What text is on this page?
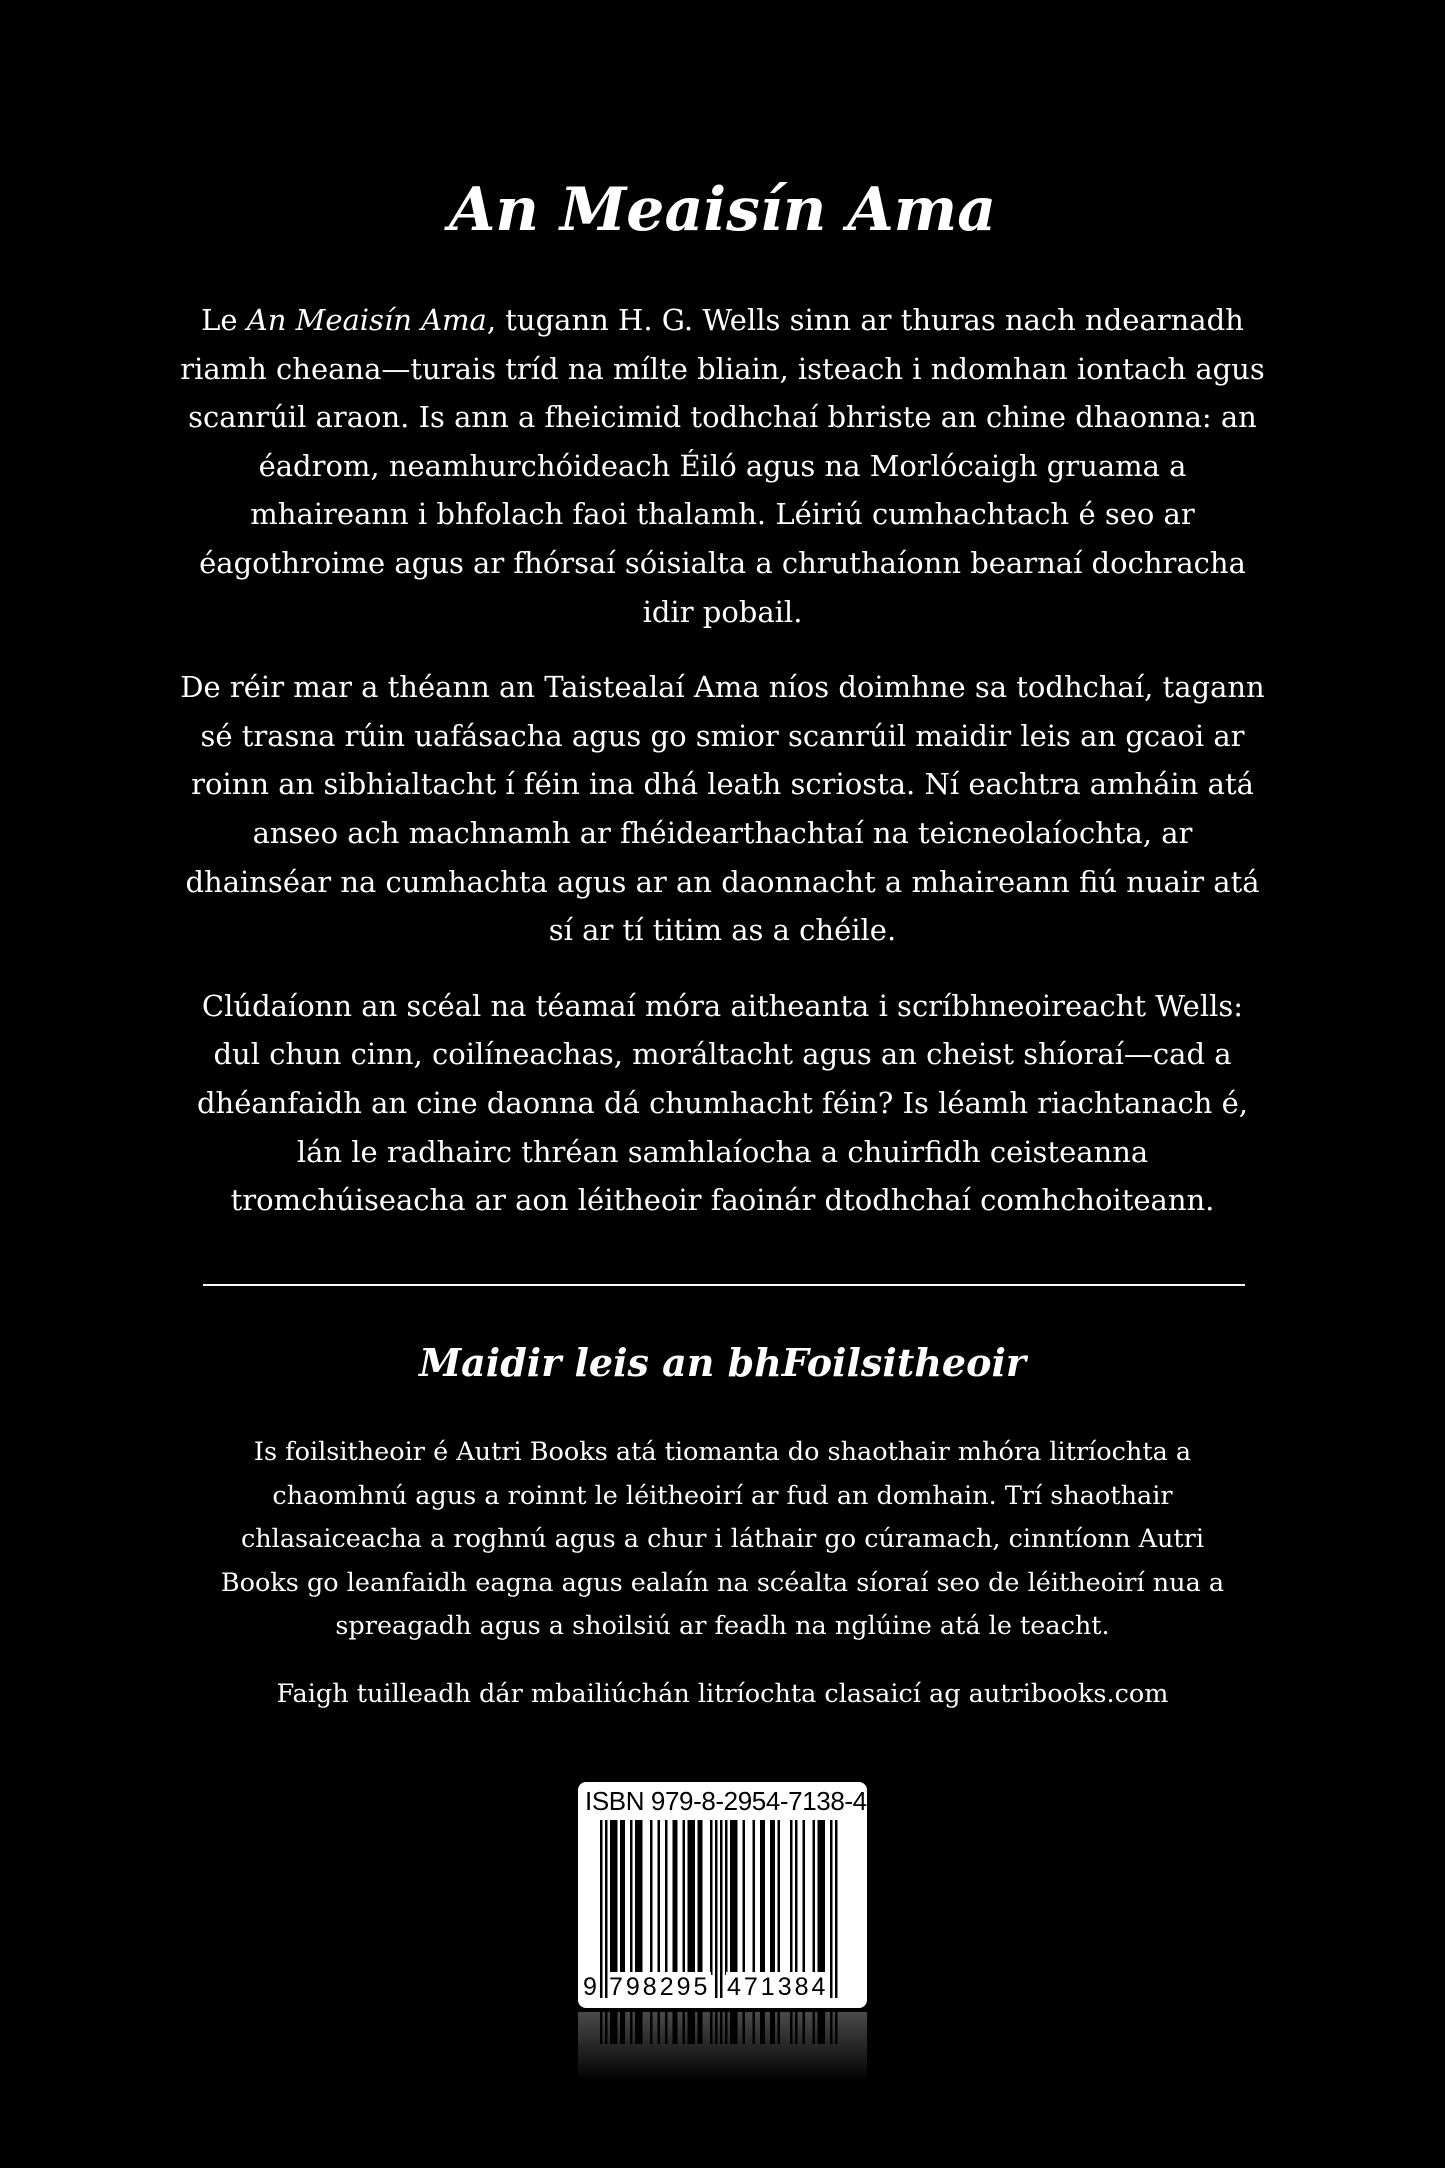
An Meaisín Ama

Le An Meaisín Ama, tugann H. G. Wells sinn ar thuras nach ndearnadh riamh cheana—turais tríd na mílte bliain, isteach i ndomhan iontach agus scanrúil araon. Is ann a fheicimid todhchaí bhriste an chine dhaonna: an éadrom, neamhurchóideach Éiló agus na Morlócaigh gruama a mhaireann i bhfolach faoi thalamh. Léiriú cumhachtach é seo ar éagothroime agus ar fhórsaí sóisialta a chruthaíonn bearnaí dochracha idir pobail.

De réir mar a théann an Taistealaí Ama níos doimhne sa todhchaí, tagann sé trasna rúin uafásacha agus go smior scanrúil maidir leis an gcaoi ar roinn an sibhialtacht í féin ina dhá leath scriosta. Ní eachtra amháin atá anseo ach machnamh ar fhéidearthachtaí na teicneolaíochta, ar dhainséar na cumhachta agus ar an daonnacht a mhaireann fiú nuair atá sí ar tí titim as a chéile.

Clúdaíonn an scéal na téamaí móra aitheanta i scríbhneoireacht Wells: dul chun cinn, coilíneachas, moráltacht agus an cheist shíoraí—cad a dhéanfaidh an cine daonna dá chumhacht féin? Is léamh riachtanach é, lán le radhairc thréan samhlaíocha a chuirfidh ceisteanna tromchúiseacha ar aon léitheoir faoinár dtodhchaí comhchoiteann.

Maidir leis an bhFoilsitheoir

Is foilsitheoir é Autri Books atá tiomanta do shaothair mhóra litríochta a chaomhnú agus a roinnt le léitheoirí ar fud an domhain. Trí shaothair chlasaiceacha a roghnú agus a chur i láthair go cúramach, cinntíonn Autri Books go leanfaidh eagna agus ealaín na scéalta síoraí seo de léitheoirí nua a spreagadh agus a shoilsiú ar feadh na nglúine atá le teacht.

Faigh tuilleadh dár mbailiúchán litríochta clasaicí ag autribooks.com

ISBN 979-8-2954-7138-4
9 798295 471384
